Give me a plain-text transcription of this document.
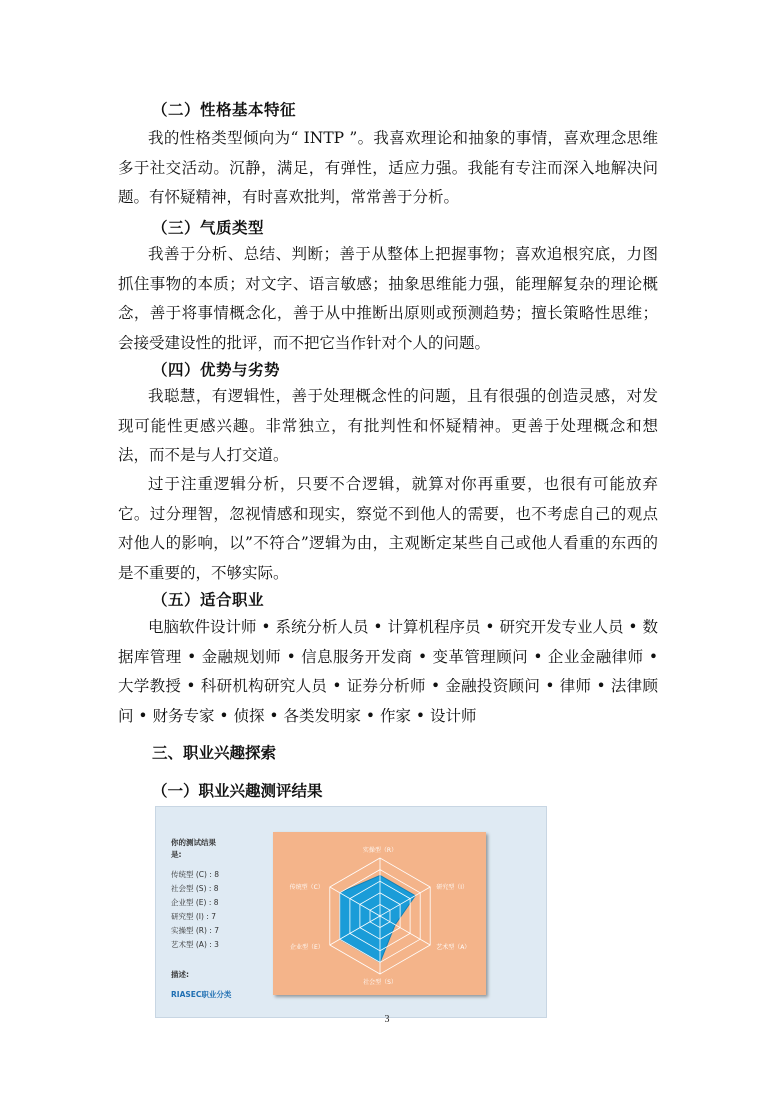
（二）性格基本特征
我的性格类型倾向为“ INTP ”。我喜欢理论和抽象的事情，喜欢理念思维多于社交活动。沉静，满足，有弹性，适应力强。我能有专注而深入地解决问题。有怀疑精神，有时喜欢批判，常常善于分析。
（三）气质类型
我善于分析、总结、判断；善于从整体上把握事物；喜欢追根究底，力图抓住事物的本质；对文字、语言敏感；抽象思维能力强，能理解复杂的理论概念，善于将事情概念化，善于从中推断出原则或预测趋势；擅长策略性思维；会接受建设性的批评，而不把它当作针对个人的问题。
（四）优势与劣势
我聪慧，有逻辑性，善于处理概念性的问题，且有很强的创造灵感，对发现可能性更感兴趣。非常独立，有批判性和怀疑精神。更善于处理概念和想法，而不是与人打交道。
过于注重逻辑分析，只要不合逻辑，就算对你再重要，也很有可能放弃它。过分理智，忽视情感和现实，察觉不到他人的需要，也不考虑自己的观点对他人的影响，以”不符合”逻辑为由，主观断定某些自己或他人看重的东西的是不重要的，不够实际。
（五）适合职业
电脑软件设计师 • 系统分析人员 • 计算机程序员 • 研究开发专业人员 • 数据库管理 • 金融规划师 • 信息服务开发商 • 变革管理顾问 • 企业金融律师 • 大学教授 • 科研机构研究人员 • 证券分析师 • 金融投资顾问 • 律师 • 法律顾问 • 财务专家 • 侦探 • 各类发明家 • 作家 • 设计师
三、职业兴趣探索
（一）职业兴趣测评结果
你的测试结果
是:
传统型 (C) : 8
社会型 (S) : 8
企业型 (E) : 8
研究型 (I) : 7
实操型 (R) : 7
艺术型 (A) : 3
描述:
RIASEC职业分类
实操型（R）
研究型（I）
艺术型（A）
社会型（S）
企业型（E）
传统型（C）
3
